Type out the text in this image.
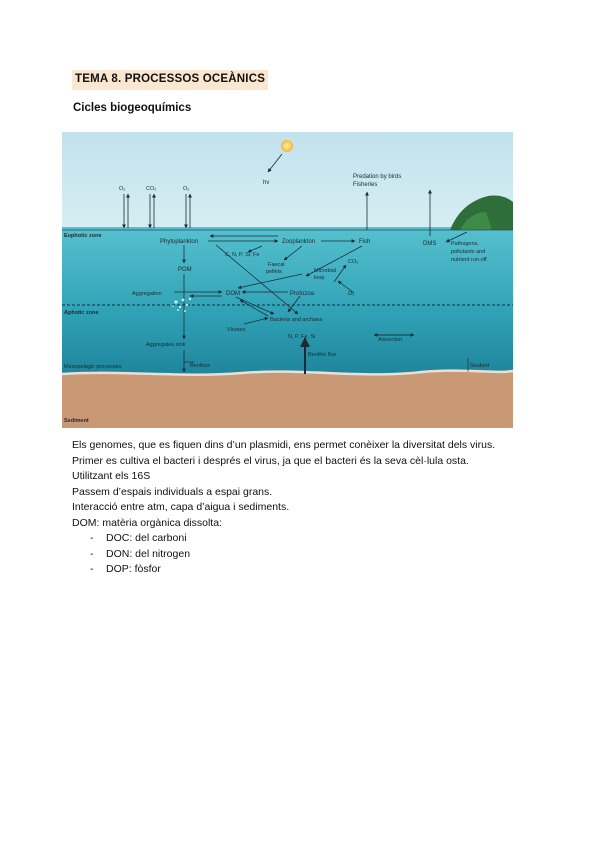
TEMA 8. PROCESSOS OCEÀNICS
Cicles biogeoquímics
hv
O₂	CO₂	O₂
Predation by birds
Fisheries
DMS	Pathogens,
pollutants and
nutrient run-off
Euphotic zone
Aphotic zone
Mesopelagic processes
Sediment
Seabed
Phytoplankton	Zooplankton	Fish
C, N, P, Si, Fe
Faecal
pellets
POM
CO₂
Microbial
loop
O₂
Aggregation	DOM	Protozoa
Viruses
Bacteria and archaea
Aggregates sink
Benthos
N, P, Fe, Si
Benthic flux
Advection

Els genomes, que es fiquen dins d’un plasmidi, ens permet conèixer la diversitat dels virus.

Primer es cultiva el bacteri i després el virus, ja que el bacteri és la seva cèl·lula osta.

Utilitzant els 16S

Passem d’espais individuals a espai grans.

Interacció entre atm, capa d’aigua i sediments.

DOM: matèria orgànica dissolta:

- DOC: del carboni
- DON: del nitrogen
- DOP: fòsfor
